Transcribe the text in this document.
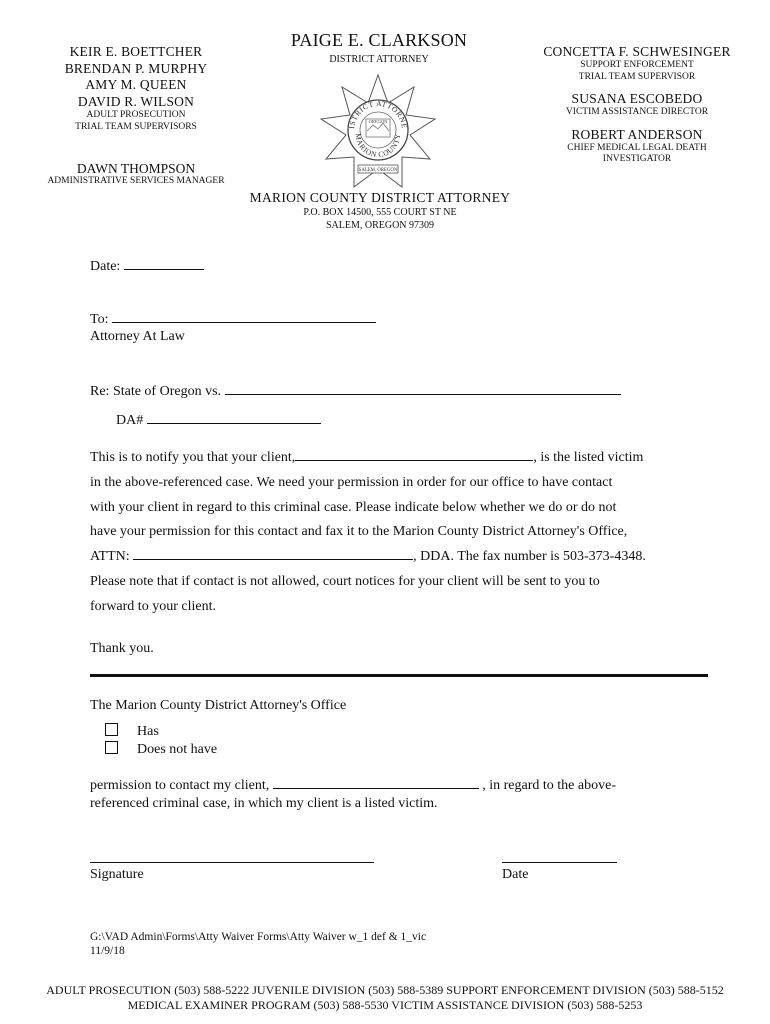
KEIR E. BOETTCHER
BRENDAN P. MURPHY
AMY M. QUEEN
DAVID R. WILSON
ADULT PROSECUTION
TRIAL TEAM SUPERVISORS
DAWN THOMPSON
ADMINISTRATIVE SERVICES MANAGER
PAIGE E. CLARKSON
DISTRICT ATTORNEY
ISTRICT ATTORNE
MARION COUNTY
OREGON
SALEM, OREGON
MARION COUNTY DISTRICT ATTORNEY
P.O. BOX 14500, 555 COURT ST NE
SALEM, OREGON 97309
CONCETTA F. SCHWESINGER
SUPPORT ENFORCEMENT
TRIAL TEAM SUPERVISOR
SUSANA ESCOBEDO
VICTIM ASSISTANCE DIRECTOR
ROBERT ANDERSON
CHIEF MEDICAL LEGAL DEATH
INVESTIGATOR
Date:
To:
Attorney At Law
Re: State of Oregon vs.
DA#
This is to notify you that your client,	, is the listed victim
in the above-referenced case. We need your permission in order for our office to have contact
with your client in regard to this criminal case. Please indicate below whether we do or do not
have your permission for this contact and fax it to the Marion County District Attorney's Office,
ATTN:	, DDA. The fax number is 503-373-4348.
Please note that if contact is not allowed, court notices for your client will be sent to you to
forward to your client.
Thank you.
The Marion County District Attorney's Office
Has
Does not have
permission to contact my client,	, in regard to the above-
referenced criminal case, in which my client is a listed victim.
Signature	Date
G:\VAD Admin\Forms\Atty Waiver Forms\Atty Waiver w_1 def & 1_vic
11/9/18
ADULT PROSECUTION (503) 588-5222 JUVENILE DIVISION (503) 588-5389 SUPPORT ENFORCEMENT DIVISION (503) 588-5152
MEDICAL EXAMINER PROGRAM (503) 588-5530 VICTIM ASSISTANCE DIVISION (503) 588-5253
